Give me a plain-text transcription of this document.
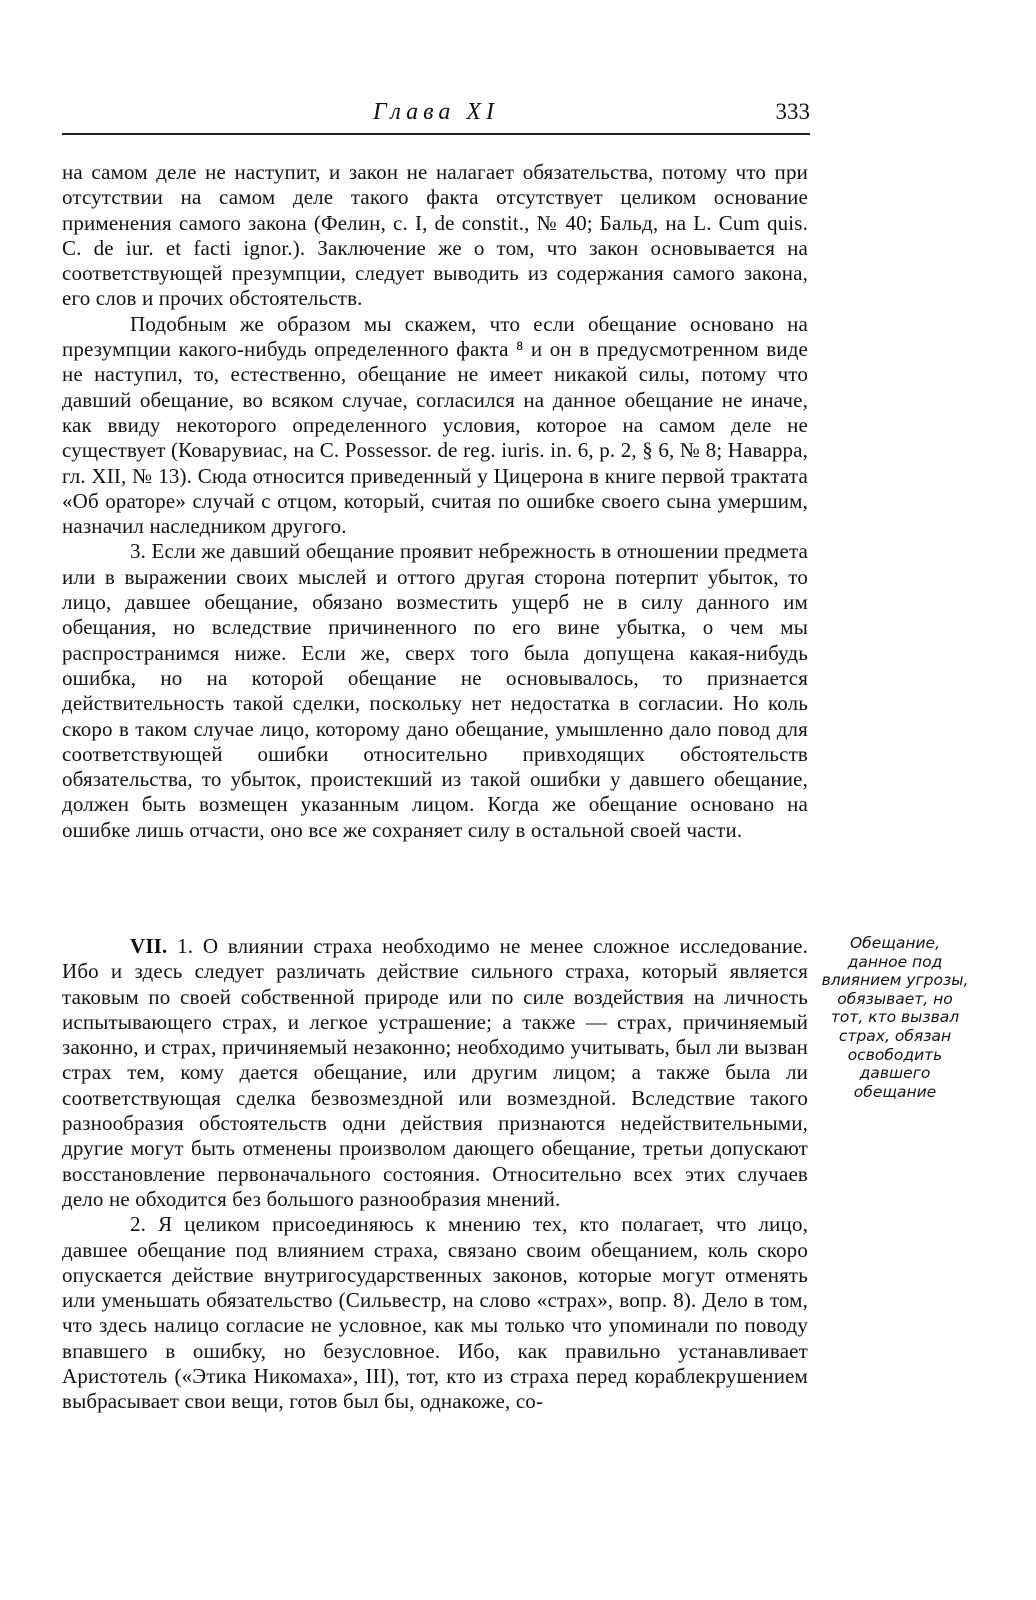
Глава XI	333

на самом деле не наступит, и закон не налагает обязательства, потому что при отсутствии на самом деле такого факта отсутствует целиком основание применения самого закона (Фелин, с. I, de constit., № 40; Бальд, на L. Cum quis. C. de iur. et facti ignor.). Заключение же о том, что закон основывается на соответствующей презумпции, следует выводить из содержания самого закона, его слов и прочих обстоятельств.

Подобным же образом мы скажем, что если обещание основано на презумпции какого-нибудь определенного факта ⁸ и он в предусмотренном виде не наступил, то, естественно, обещание не имеет никакой силы, потому что давший обещание, во всяком случае, согласился на данное обещание не иначе, как ввиду некоторого определенного условия, которое на самом деле не существует (Коварувиас, на C. Possessor. de reg. iuris. in. 6, p. 2, § 6, № 8; Наварра, гл. XII, № 13). Сюда относится приведенный у Цицерона в книге первой трактата «Об ораторе» случай с отцом, который, считая по ошибке своего сына умершим, назначил наследником другого.

3. Если же давший обещание проявит небрежность в отношении предмета или в выражении своих мыслей и оттого другая сторона потерпит убыток, то лицо, давшее обещание, обязано возместить ущерб не в силу данного им обещания, но вследствие причиненного по его вине убытка, о чем мы распространимся ниже. Если же, сверх того была допущена какая-нибудь ошибка, но на которой обещание не основывалось, то признается действительность такой сделки, поскольку нет недостатка в согласии. Но коль скоро в таком случае лицо, которому дано обещание, умышленно дало повод для соответствующей ошибки относительно привходящих обстоятельств обязательства, то убыток, проистекший из такой ошибки у давшего обещание, должен быть возмещен указанным лицом. Когда же обещание основано на ошибке лишь отчасти, оно все же сохраняет силу в остальной своей части.

VII. 1. О влиянии страха необходимо не менее сложное исследование. Ибо и здесь следует различать действие сильного страха, который является таковым по своей собственной природе или по силе воздействия на личность испытывающего страх, и легкое устрашение; а также — страх, причиняемый законно, и страх, причиняемый незаконно; необходимо учитывать, был ли вызван страх тем, кому дается обещание, или другим лицом; а также была ли соответствующая сделка безвозмездной или возмездной. Вследствие такого разнообразия обстоятельств одни действия признаются недействительными, другие могут быть отменены произволом дающего обещание, третьи допускают восстановление первоначального состояния. Относительно всех этих случаев дело не обходится без большого разнообразия мнений.

2. Я целиком присоединяюсь к мнению тех, кто полагает, что лицо, давшее обещание под влиянием страха, связано своим обещанием, коль скоро опускается действие внутригосударственных законов, которые могут отменять или уменьшать обязательство (Сильвестр, на слово «страх», вопр. 8). Дело в том, что здесь налицо согласие не условное, как мы только что упоминали по поводу впавшего в ошибку, но безусловное. Ибо, как правильно устанавливает Аристотель («Этика Никомаха», III), тот, кто из страха перед кораблекрушением выбрасывает свои вещи, готов был бы, однакоже, со-

Обещание, данное под влиянием угрозы, обязывает, но тот, кто вызвал страх, обязан освободить давшего обещание
